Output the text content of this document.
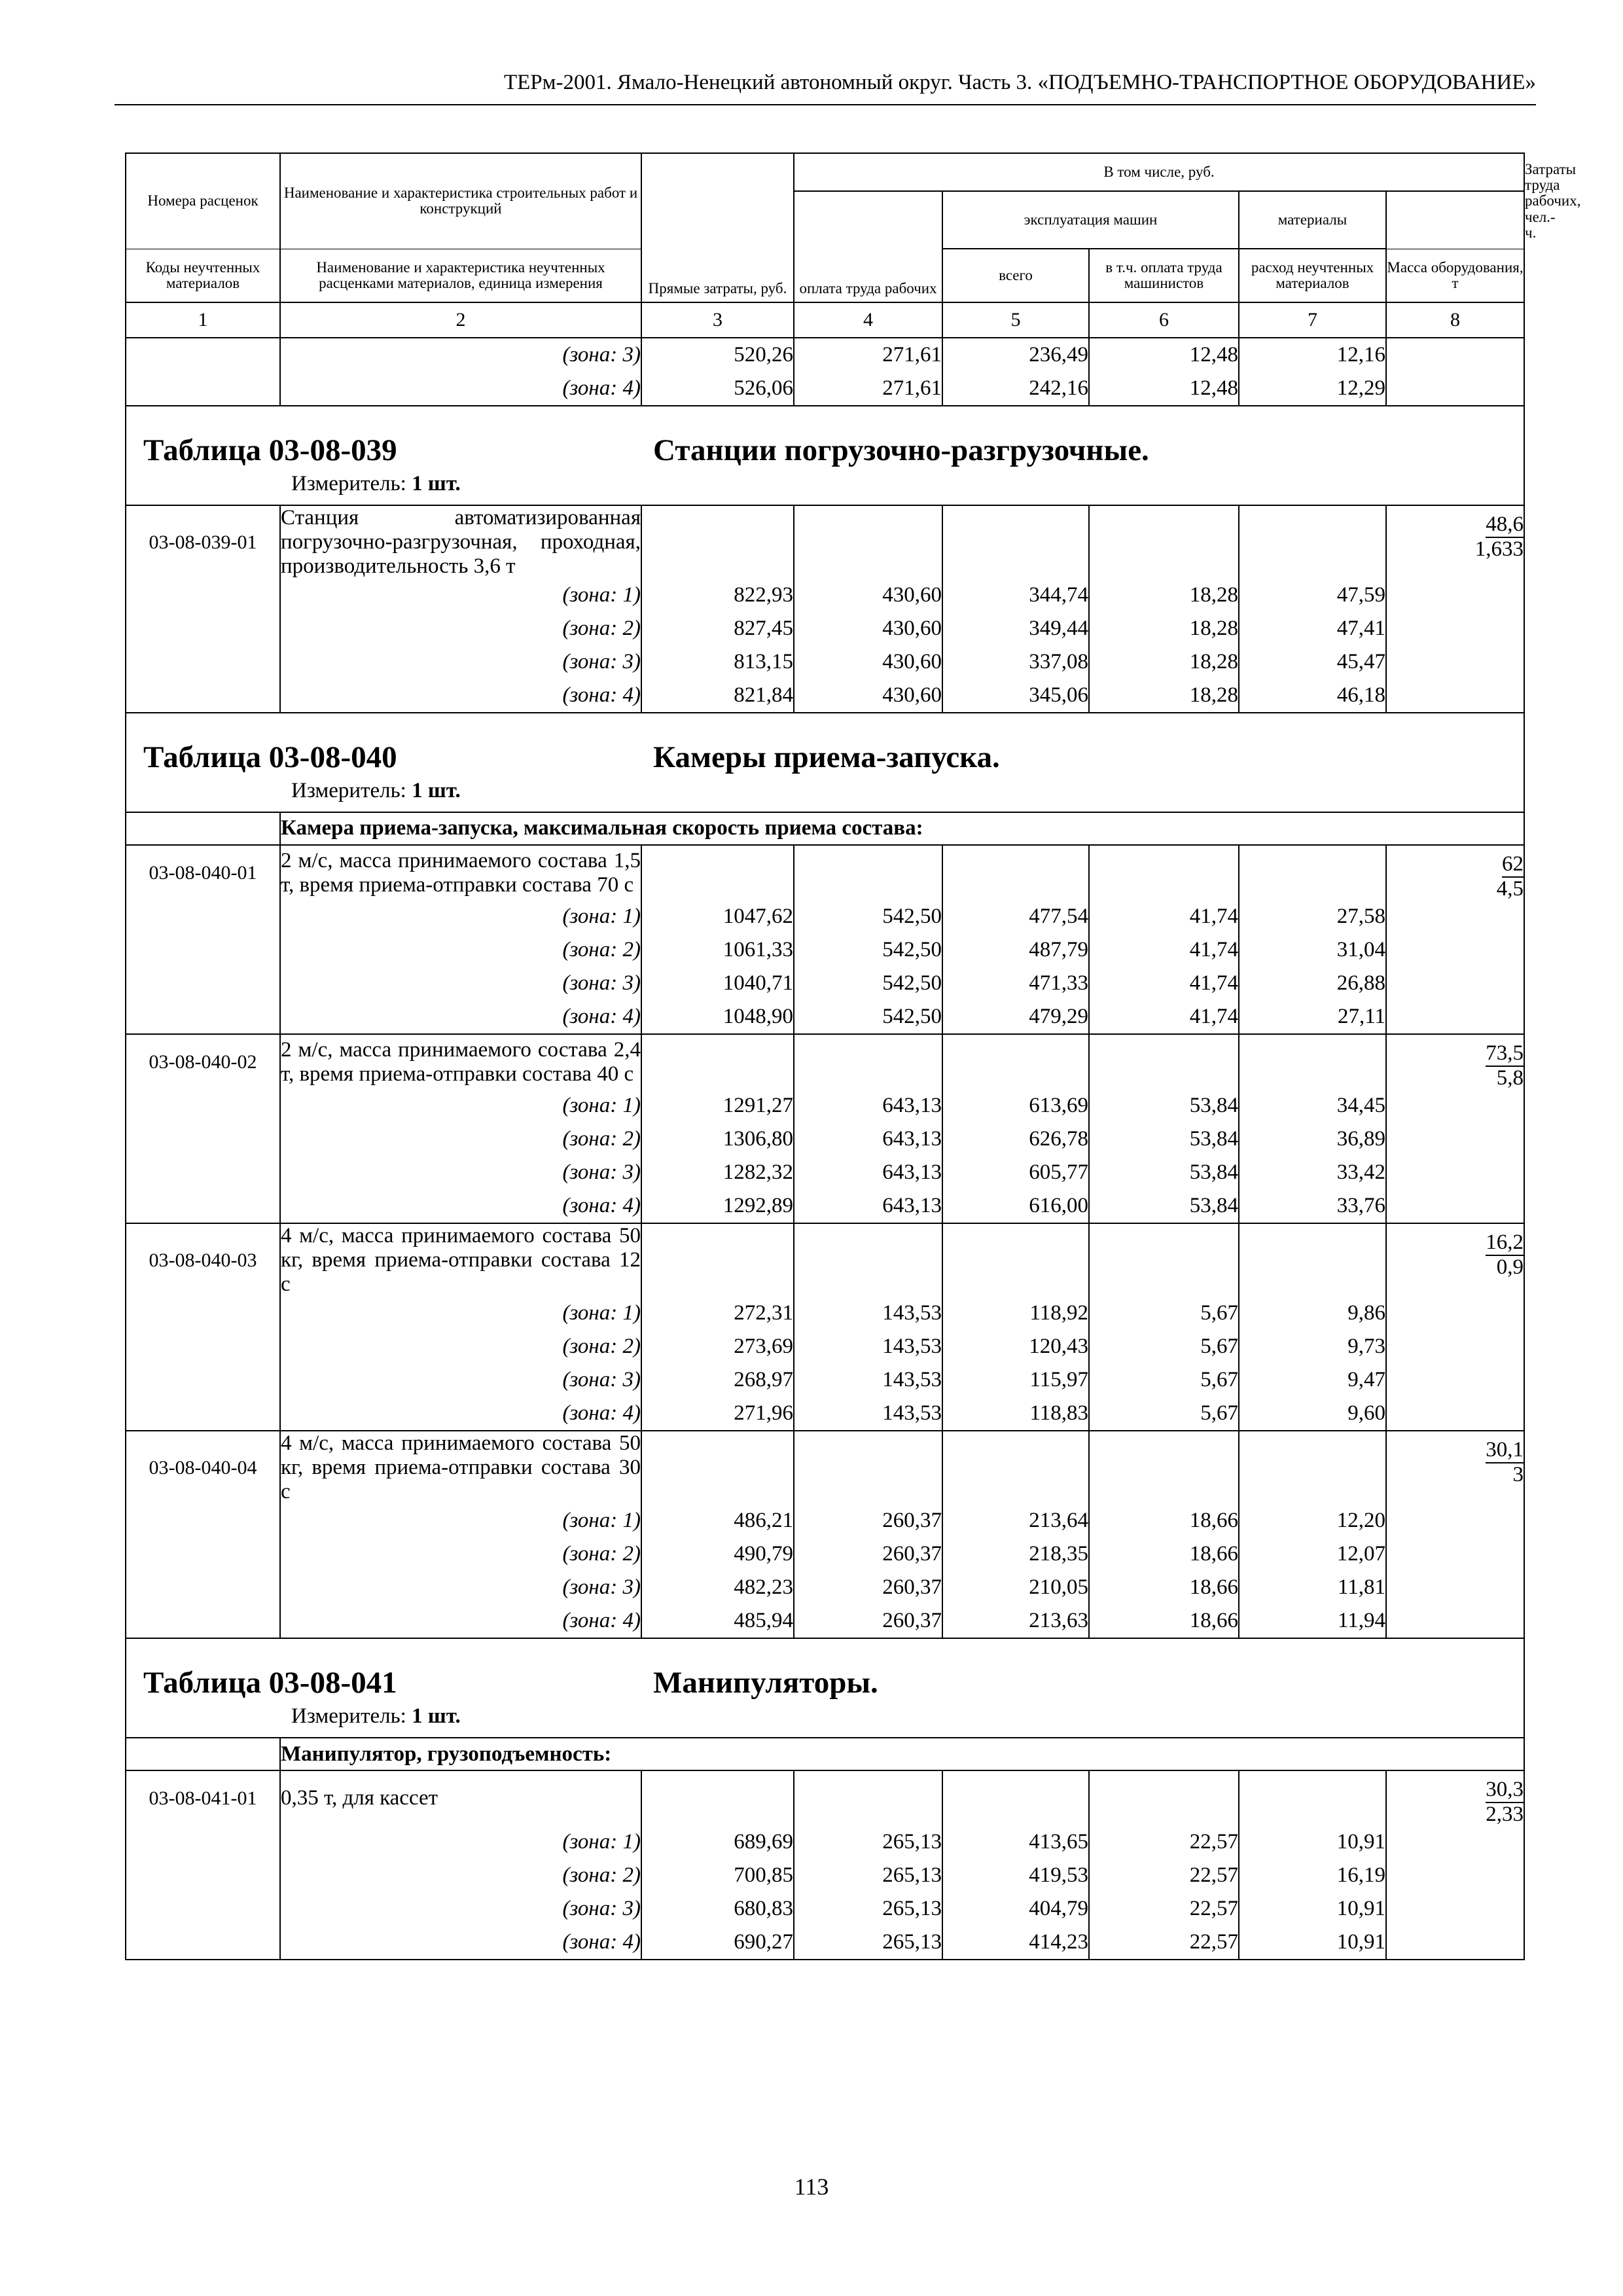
ТЕРм-2001. Ямало-Ненецкий автономный округ. Часть 3. «ПОДЪЕМНО-ТРАНСПОРТНОЕ ОБОРУДОВАНИЕ»
Номера расценок	Наименование и характеристика строительных работ и конструкций	Прямые затраты, руб.	В том числе, руб.					Затраты труда рабочих, чел.-ч.
			оплата труда рабочих	эксплуатация машин		материалы		
Коды неучтенных материалов	Наименование и характеристика неучтенных расценками материалов, единица измерения			всего	в т.ч. оплата труда машинистов	расход неучтенных материалов	Масса оборудования, т	
1	2	3	4	5	6	7	8	
	(зона: 3)	520,26	271,61	236,49	12,48	12,16		
	(зона: 4)	526,06	271,61	242,16	12,48	12,29		

Таблица 03-08-039 Станции погрузочно-разгрузочные.
Измеритель: 1 шт.								

03-08-039-01	Станция автоматизированная погрузочно-разгрузочная, проходная, производительность 3,6 т						$\frac{48,6}{1,633}$

	(зона: 1)	822,93	430,60	344,74	18,28	47,59		
	(зона: 2)	827,45	430,60	349,44	18,28	47,41		
	(зона: 3)	813,15	430,60	337,08	18,28	45,47		
	(зона: 4)	821,84	430,60	345,06	18,28	46,18		

Таблица 03-08-040 Камеры приема-запуска.
Измеритель: 1 шт.								

	Камера приема-запуска, максимальная скорость приема состава:							
03-08-040-01	2 м/с, масса принимаемого состава 1,5 т, время приема-отправки состава 70 с						$\frac{62}{4,5}$

	(зона: 1)	1047,62	542,50	477,54	41,74	27,58		
	(зона: 2)	1061,33	542,50	487,79	41,74	31,04		
	(зона: 3)	1040,71	542,50	471,33	41,74	26,88		
	(зона: 4)	1048,90	542,50	479,29	41,74	27,11		
03-08-040-02	2 м/с, масса принимаемого состава 2,4 т, время приема-отправки состава 40 с						$\frac{73,5}{5,8}$

	(зона: 1)	1291,27	643,13	613,69	53,84	34,45		
	(зона: 2)	1306,80	643,13	626,78	53,84	36,89		
	(зона: 3)	1282,32	643,13	605,77	53,84	33,42		
	(зона: 4)	1292,89	643,13	616,00	53,84	33,76		
03-08-040-03	4 м/с, масса принимаемого состава 50 кг, время приема-отправки состава 12 с						$\frac{16,2}{0,9}$

	(зона: 1)	272,31	143,53	118,92	5,67	9,86		
	(зона: 2)	273,69	143,53	120,43	5,67	9,73		
	(зона: 3)	268,97	143,53	115,97	5,67	9,47		
	(зона: 4)	271,96	143,53	118,83	5,67	9,60		
03-08-040-04	4 м/с, масса принимаемого состава 50 кг, время приема-отправки состава 30 с						$\frac{30,1}{3}$

	(зона: 1)	486,21	260,37	213,64	18,66	12,20		
	(зона: 2)	490,79	260,37	218,35	18,66	12,07		
	(зона: 3)	482,23	260,37	210,05	18,66	11,81		
	(зона: 4)	485,94	260,37	213,63	18,66	11,94		

Таблица 03-08-041 Манипуляторы.
Измеритель: 1 шт.								

	Манипулятор, грузоподъемность:							
03-08-041-01	0,35 т, для кассет						$\frac{30,3}{2,33}$

	(зона: 1)	689,69	265,13	413,65	22,57	10,91		
	(зона: 2)	700,85	265,13	419,53	22,57	16,19		
	(зона: 3)	680,83	265,13	404,79	22,57	10,91		
	(зона: 4)	690,27	265,13	414,23	22,57	10,91		
113
